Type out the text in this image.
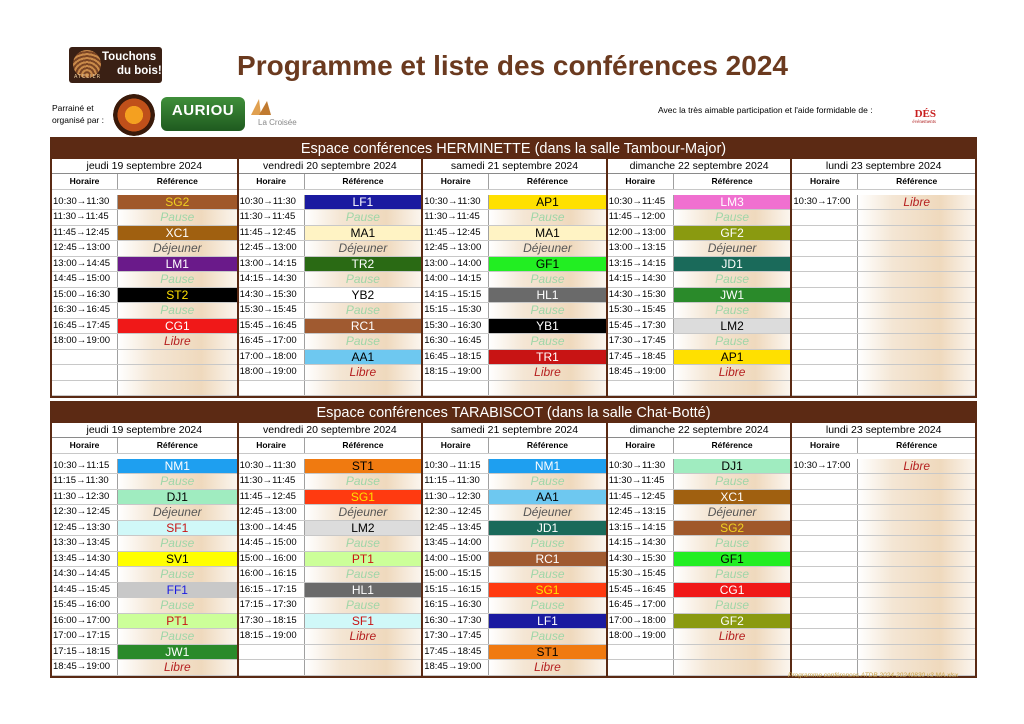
Touchons
du bois!
ATELIER	Programme et liste des conférences 2024
Parrainé et organisé par :
AURIOU
La Croisée
Avec la très aimable participation et l'aide formidable de :	DÉS
événements
Espace conférences HERMINETTE (dans la salle Tambour-Major)
jeudi 19 septembre 2024
Horaire	Référence
10:30→11:30	SG2
11:30→11:45	Pause
11:45→12:45	XC1
12:45→13:00	Déjeuner
13:00→14:45	LM1
14:45→15:00	Pause
15:00→16:30	ST2
16:30→16:45	Pause
16:45→17:45	CG1
18:00→19:00	Libre
vendredi 20 septembre 2024
Horaire	Référence
10:30→11:30	LF1
11:30→11:45	Pause
11:45→12:45	MA1
12:45→13:00	Déjeuner
13:00→14:15	TR2
14:15→14:30	Pause
14:30→15:30	YB2
15:30→15:45	Pause
15:45→16:45	RC1
16:45→17:00	Pause
17:00→18:00	AA1
18:00→19:00	Libre
samedi 21 septembre 2024
Horaire	Référence
10:30→11:30	AP1
11:30→11:45	Pause
11:45→12:45	MA1
12:45→13:00	Déjeuner
13:00→14:00	GF1
14:00→14:15	Pause
14:15→15:15	HL1
15:15→15:30	Pause
15:30→16:30	YB1
16:30→16:45	Pause
16:45→18:15	TR1
18:15→19:00	Libre
dimanche 22 septembre 2024
Horaire	Référence
10:30→11:45	LM3
11:45→12:00	Pause
12:00→13:00	GF2
13:00→13:15	Déjeuner
13:15→14:15	JD1
14:15→14:30	Pause
14:30→15:30	JW1
15:30→15:45	Pause
15:45→17:30	LM2
17:30→17:45	Pause
17:45→18:45	AP1
18:45→19:00	Libre
lundi 23 septembre 2024
Horaire	Référence
10:30→17:00	Libre
Espace conférences TARABISCOT (dans la salle Chat-Botté)
jeudi 19 septembre 2024
Horaire	Référence
10:30→11:15	NM1
11:15→11:30	Pause
11:30→12:30	DJ1
12:30→12:45	Déjeuner
12:45→13:30	SF1
13:30→13:45	Pause
13:45→14:30	SV1
14:30→14:45	Pause
14:45→15:45	FF1
15:45→16:00	Pause
16:00→17:00	PT1
17:00→17:15	Pause
17:15→18:15	JW1
18:45→19:00	Libre
vendredi 20 septembre 2024
Horaire	Référence
10:30→11:30	ST1
11:30→11:45	Pause
11:45→12:45	SG1
12:45→13:00	Déjeuner
13:00→14:45	LM2
14:45→15:00	Pause
15:00→16:00	PT1
16:00→16:15	Pause
16:15→17:15	HL1
17:15→17:30	Pause
17:30→18:15	SF1
18:15→19:00	Libre
samedi 21 septembre 2024
Horaire	Référence
10:30→11:15	NM1
11:15→11:30	Pause
11:30→12:30	AA1
12:30→12:45	Déjeuner
12:45→13:45	JD1
13:45→14:00	Pause
14:00→15:00	RC1
15:00→15:15	Pause
15:15→16:15	SG1
16:15→16:30	Pause
16:30→17:30	LF1
17:30→17:45	Pause
17:45→18:45	ST1
18:45→19:00	Libre
dimanche 22 septembre 2024
Horaire	Référence
10:30→11:30	DJ1
11:30→11:45	Pause
11:45→12:45	XC1
12:45→13:15	Déjeuner
13:15→14:15	SG2
14:15→14:30	Pause
14:30→15:30	GF1
15:30→15:45	Pause
15:45→16:45	CG1
16:45→17:00	Pause
17:00→18:00	GF2
18:00→19:00	Libre
lundi 23 septembre 2024
Horaire	Référence
10:30→17:00	Libre
Programme conférences ATDB 2024-20240830 v3 MA.xlsx
